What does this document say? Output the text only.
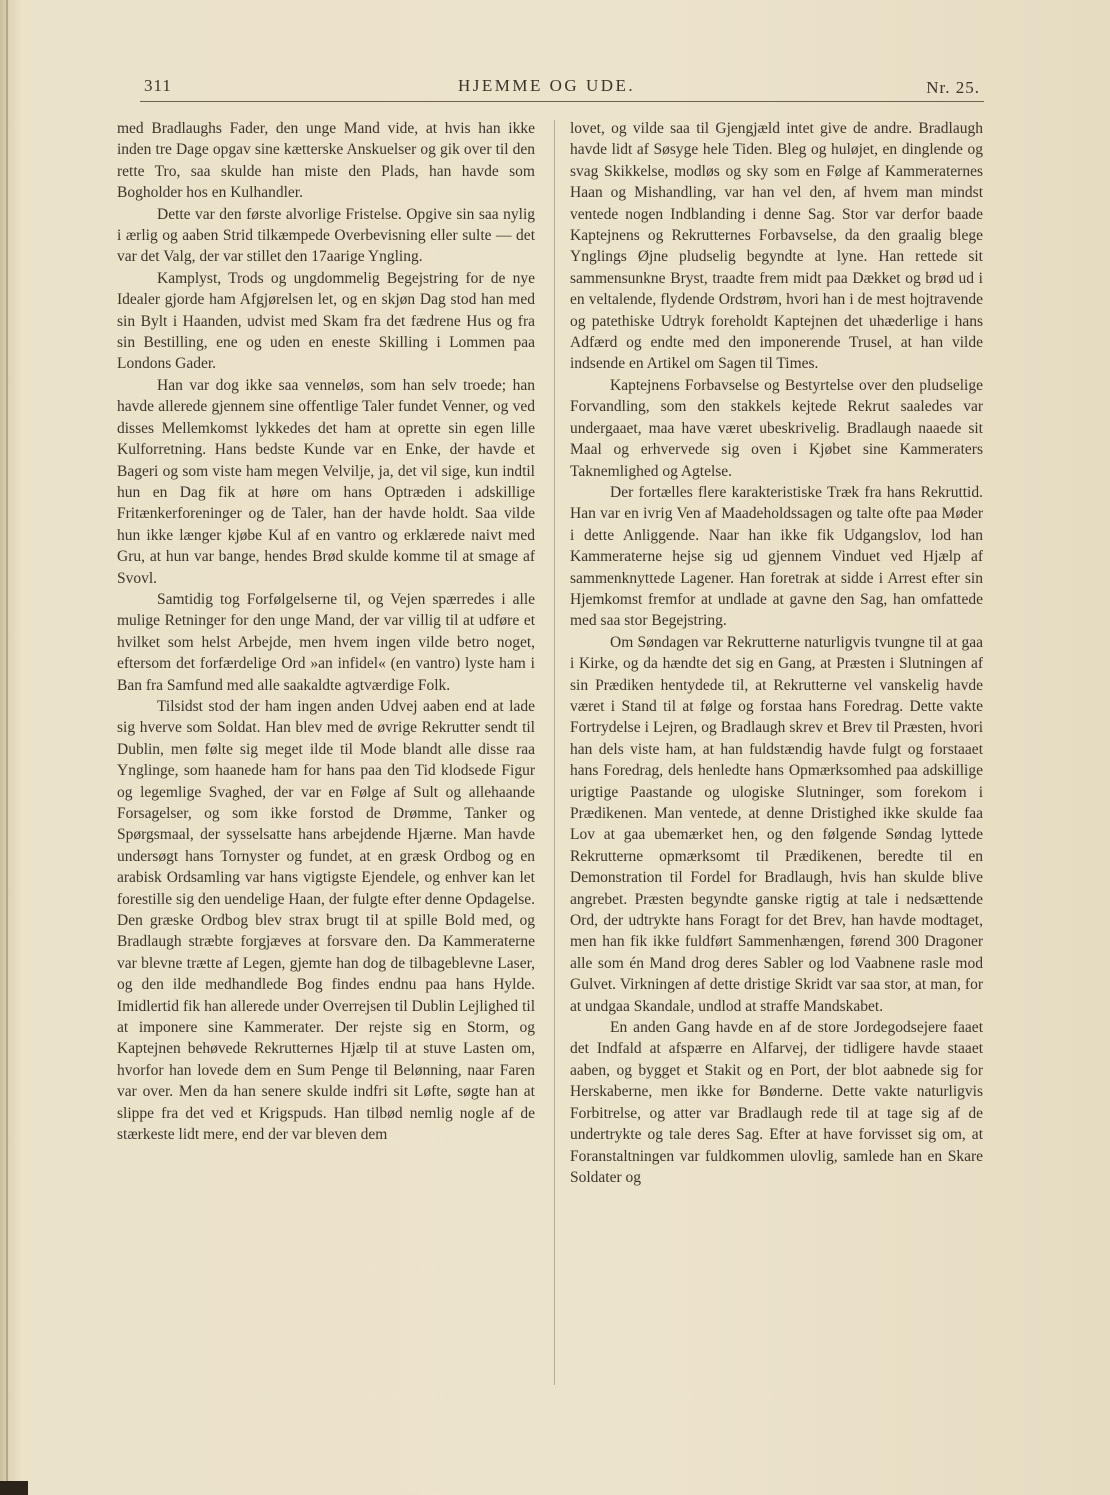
311	HJEMME OG UDE.	Nr. 25.

med Bradlaughs Fader, den unge Mand vide, at hvis han ikke inden tre Dage opgav sine kætterske Anskuelser og gik over til den rette Tro, saa skulde han miste den Plads, han havde som Bogholder hos en Kulhandler.

Dette var den første alvorlige Fristelse. Opgive sin saa nylig i ærlig og aaben Strid tilkæmpede Overbevisning eller sulte — det var det Valg, der var stillet den 17aarige Yngling.

Kamplyst, Trods og ungdommelig Begejstring for de nye Idealer gjorde ham Afgjørelsen let, og en skjøn Dag stod han med sin Bylt i Haanden, udvist med Skam fra det fædrene Hus og fra sin Bestilling, ene og uden en eneste Skilling i Lommen paa Londons Gader.

Han var dog ikke saa venneløs, som han selv troede; han havde allerede gjennem sine offentlige Taler fundet Venner, og ved disses Mellemkomst lykkedes det ham at oprette sin egen lille Kulforretning. Hans bedste Kunde var en Enke, der havde et Bageri og som viste ham megen Velvilje, ja, det vil sige, kun indtil hun en Dag fik at høre om hans Optræden i adskillige Fritænkerforeninger og de Taler, han der havde holdt. Saa vilde hun ikke længer kjøbe Kul af en vantro og erklærede naivt med Gru, at hun var bange, hendes Brød skulde komme til at smage af Svovl.

Samtidig tog Forfølgelserne til, og Vejen spærredes i alle mulige Retninger for den unge Mand, der var villig til at udføre et hvilket som helst Arbejde, men hvem ingen vilde betro noget, eftersom det forfærdelige Ord »an infidel« (en vantro) lyste ham i Ban fra Samfund med alle saakaldte agtværdige Folk.

Tilsidst stod der ham ingen anden Udvej aaben end at lade sig hverve som Soldat. Han blev med de øvrige Rekrutter sendt til Dublin, men følte sig meget ilde til Mode blandt alle disse raa Ynglinge, som haanede ham for hans paa den Tid klodsede Figur og legemlige Svaghed, der var en Følge af Sult og allehaande Forsagelser, og som ikke forstod de Drømme, Tanker og Spørgsmaal, der sysselsatte hans arbejdende Hjærne. Man havde undersøgt hans Tornyster og fundet, at en græsk Ordbog og en arabisk Ordsamling var hans vigtigste Ejendele, og enhver kan let forestille sig den uendelige Haan, der fulgte efter denne Opdagelse. Den græske Ordbog blev strax brugt til at spille Bold med, og Bradlaugh stræbte forgjæves at forsvare den. Da Kammeraterne var blevne trætte af Legen, gjemte han dog de tilbageblevne Laser, og den ilde medhandlede Bog findes endnu paa hans Hylde. Imidlertid fik han allerede under Overrejsen til Dublin Lejlighed til at imponere sine Kammerater. Der rejste sig en Storm, og Kaptejnen behøvede Rekrutternes Hjælp til at stuve Lasten om, hvorfor han lovede dem en Sum Penge til Belønning, naar Faren var over. Men da han senere skulde indfri sit Løfte, søgte han at slippe fra det ved et Krigspuds. Han tilbød nemlig nogle af de stærkeste lidt mere, end der var bleven dem

lovet, og vilde saa til Gjengjæld intet give de andre. Bradlaugh havde lidt af Søsyge hele Tiden. Bleg og huløjet, en dinglende og svag Skikkelse, modløs og sky som en Følge af Kammeraternes Haan og Mishandling, var han vel den, af hvem man mindst ventede nogen Indblanding i denne Sag. Stor var derfor baade Kaptejnens og Rekrutternes Forbavselse, da den graalig blege Ynglings Øjne pludselig begyndte at lyne. Han rettede sit sammensunkne Bryst, traadte frem midt paa Dækket og brød ud i en veltalende, flydende Ordstrøm, hvori han i de mest hojtravende og patethiske Udtryk foreholdt Kaptejnen det uhæderlige i hans Adfærd og endte med den imponerende Trusel, at han vilde indsende en Artikel om Sagen til Times.

Kaptejnens Forbavselse og Bestyrtelse over den pludselige Forvandling, som den stakkels kejtede Rekrut saaledes var undergaaet, maa have været ubeskrivelig. Bradlaugh naaede sit Maal og erhvervede sig oven i Kjøbet sine Kammeraters Taknemlighed og Agtelse.

Der fortælles flere karakteristiske Træk fra hans Rekruttid. Han var en ivrig Ven af Maadeholdssagen og talte ofte paa Møder i dette Anliggende. Naar han ikke fik Udgangslov, lod han Kammeraterne hejse sig ud gjennem Vinduet ved Hjælp af sammenknyttede Lagener. Han foretrak at sidde i Arrest efter sin Hjemkomst fremfor at undlade at gavne den Sag, han omfattede med saa stor Begejstring.

Om Søndagen var Rekrutterne naturligvis tvungne til at gaa i Kirke, og da hændte det sig en Gang, at Præsten i Slutningen af sin Prædiken hentydede til, at Rekrutterne vel vanskelig havde været i Stand til at følge og forstaa hans Foredrag. Dette vakte Fortrydelse i Lejren, og Bradlaugh skrev et Brev til Præsten, hvori han dels viste ham, at han fuldstændig havde fulgt og forstaaet hans Foredrag, dels henledte hans Opmærksomhed paa adskillige urigtige Paastande og ulogiske Slutninger, som forekom i Prædikenen. Man ventede, at denne Dristighed ikke skulde faa Lov at gaa ubemærket hen, og den følgende Søndag lyttede Rekrutterne opmærksomt til Prædikenen, beredte til en Demonstration til Fordel for Bradlaugh, hvis han skulde blive angrebet. Præsten begyndte ganske rigtig at tale i nedsættende Ord, der udtrykte hans Foragt for det Brev, han havde modtaget, men han fik ikke fuldført Sammenhængen, førend 300 Dragoner alle som én Mand drog deres Sabler og lod Vaabnene rasle mod Gulvet. Virkningen af dette dristige Skridt var saa stor, at man, for at undgaa Skandale, undlod at straffe Mandskabet.

En anden Gang havde en af de store Jordegodsejere faaet det Indfald at afspærre en Alfarvej, der tidligere havde staaet aaben, og bygget et Stakit og en Port, der blot aabnede sig for Herskaberne, men ikke for Bønderne. Dette vakte naturligvis Forbitrelse, og atter var Bradlaugh rede til at tage sig af de undertrykte og tale deres Sag. Efter at have forvisset sig om, at Foranstaltningen var fuldkommen ulovlig, samlede han en Skare Soldater og
